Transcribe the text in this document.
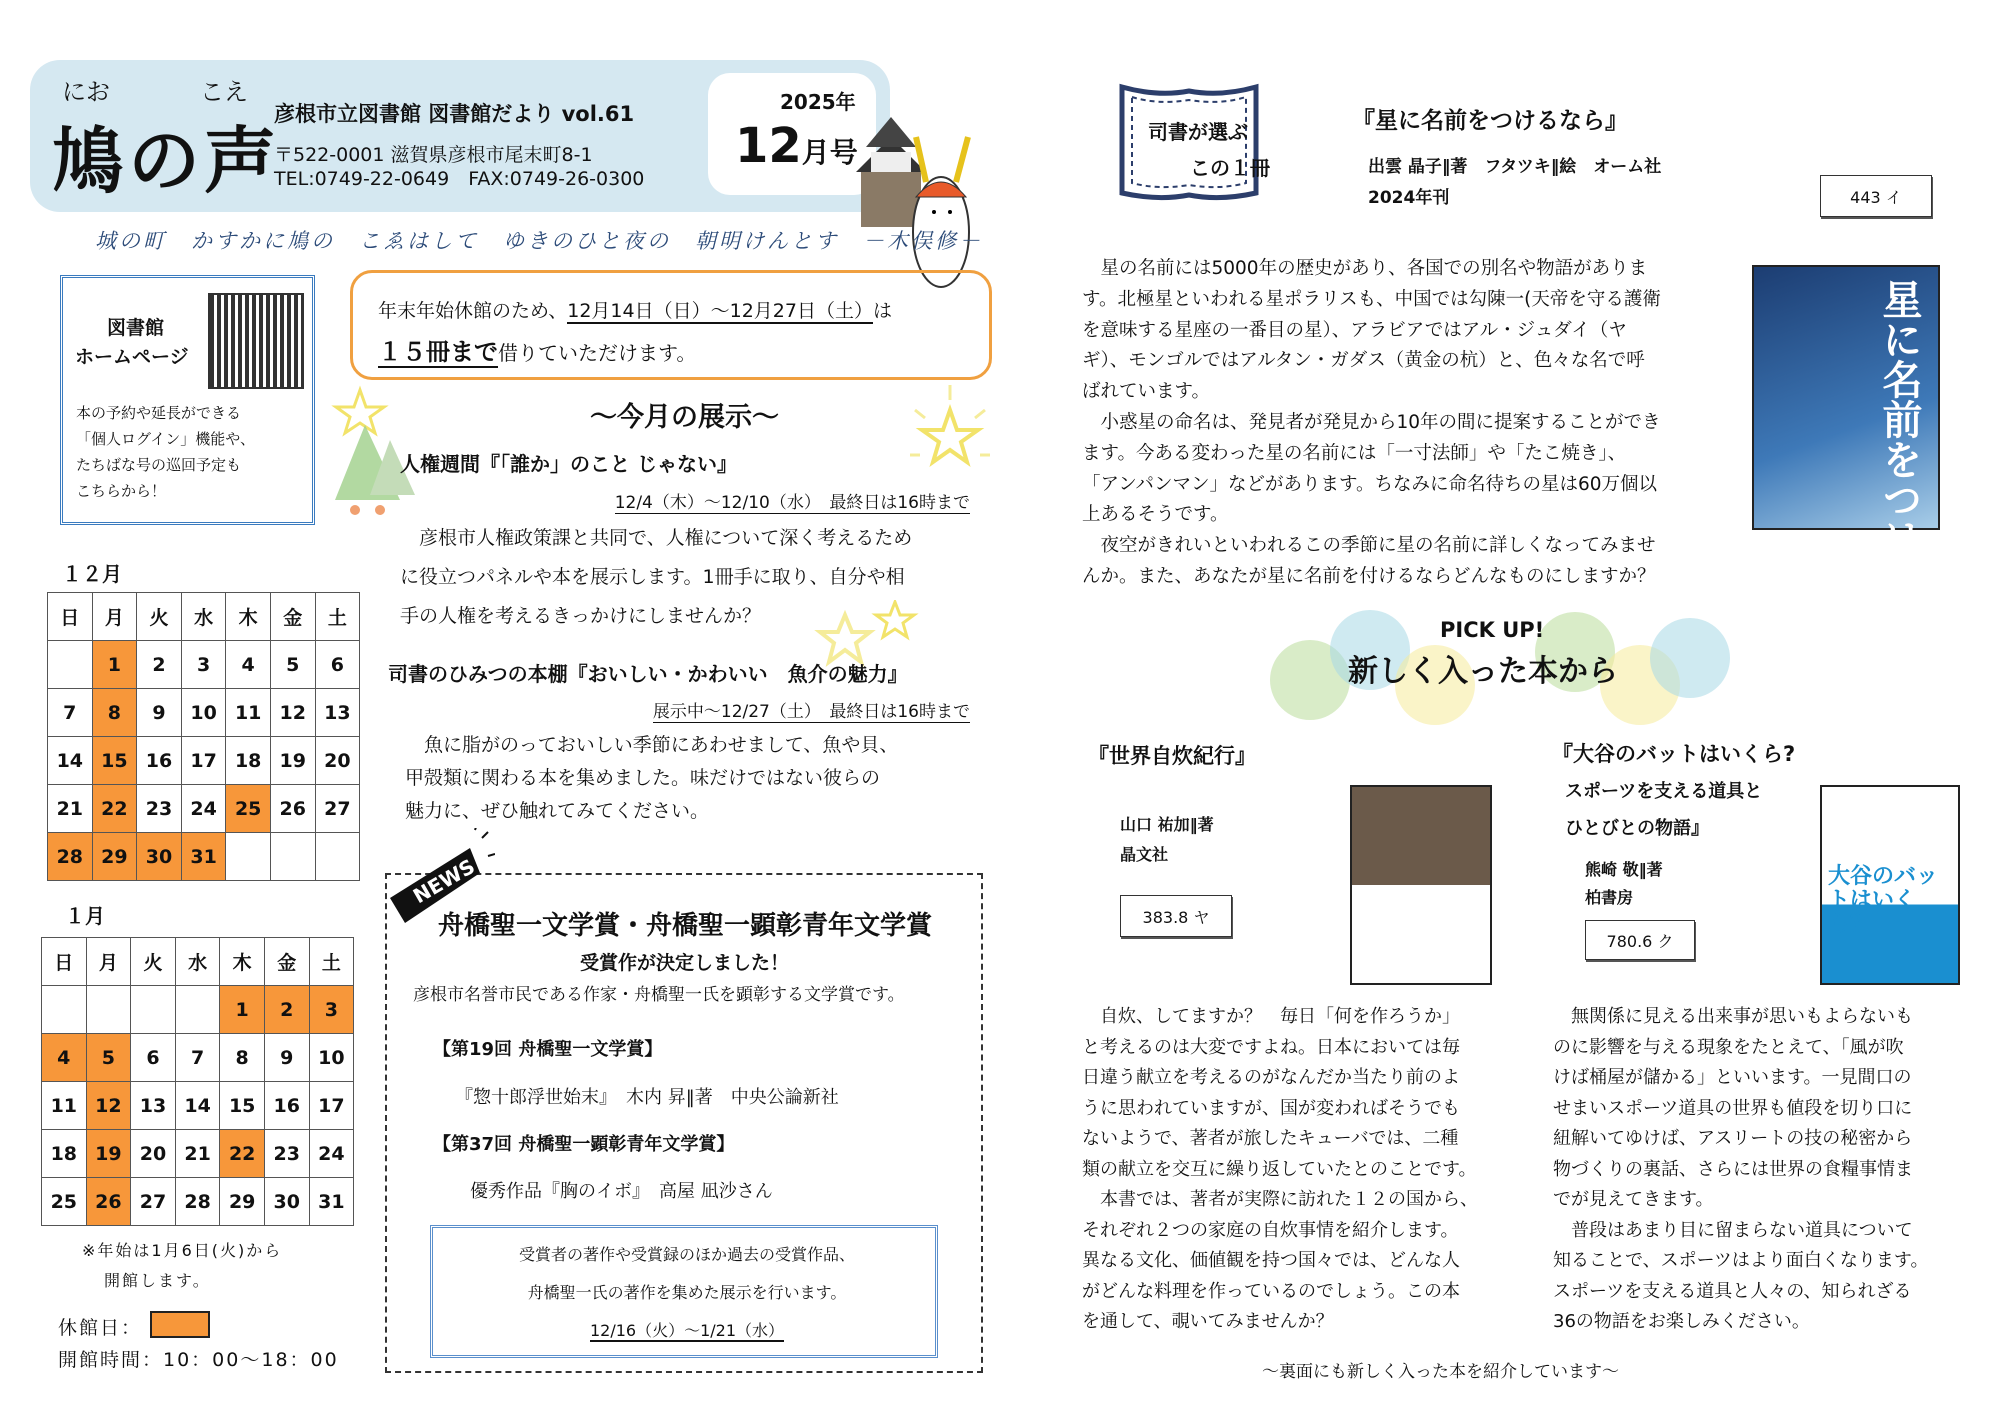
にお	こえ
鳩の声
彦根市立図書館 図書館だより vol.61
〒522-0001 滋賀県彦根市尾末町8-1
TEL:0749-22-0649　FAX:0749-26-0300
2025年
12月号
城の町　かすかに鳩の　こゑはして　ゆきのひと夜の　朝明けんとす　－木俣修－
図書館
ホームページ
本の予約や延長ができる
「個人ログイン」機能や、
たちばな号の巡回予定も
こちらから！
年末年始休館のため、12月14日（日）～12月27日（土）は
１５冊まで借りていただけます。
～今月の展示～
人権週間『「誰か」のこと じゃない』
12/4（木）～12/10（水）　最終日は16時まで
　彦根市人権政策課と共同で、人権について深く考えるため
に役立つパネルや本を展示します。1冊手に取り、自分や相
手の人権を考えるきっかけにしませんか？
司書のひみつの本棚『おいしい・かわいい　魚介の魅力』
展示中～12/27（土）　最終日は16時まで
　魚に脂がのっておいしい季節にあわせまして、魚や貝、
甲殻類に関わる本を集めました。味だけではない彼らの
魅力に、ぜひ触れてみてください。
１２月
日	月	火	水	木	金	土
	1	2	3	4	5	6
7	8	9	10	11	12	13
14	15	16	17	18	19	20
21	22	23	24	25	26	27
28	29	30	31			
１月
日	月	火	水	木	金	土
				1	2	3
4	5	6	7	8	9	10
11	12	13	14	15	16	17
18	19	20	21	22	23	24
25	26	27	28	29	30	31
※年始は1月6日(火)から
開館します。
休館日：
開館時間：10：00～18：00
NEWS
舟橋聖一文学賞・舟橋聖一顕彰青年文学賞
受賞作が決定しました！
彦根市名誉市民である作家・舟橋聖一氏を顕彰する文学賞です。
【第19回 舟橋聖一文学賞】
『惣十郎浮世始末』　木内 昇‖著　中央公論新社
【第37回 舟橋聖一顕彰青年文学賞】
優秀作品『胸のイボ』　高屋 凪沙さん
受賞者の著作や受賞録のほか過去の受賞作品、
舟橋聖一氏の著作を集めた展示を行います。
12/16（火）～1/21（水）
司書が選ぶ
この１冊
『星に名前をつけるなら』
出雲 晶子‖著　フタツキ‖絵　オーム社
2024年刊	443 イ
星に名前をつけるなら
　星の名前には5000年の歴史があり、各国での別名や物語がありま
す。北極星といわれる星ポラリスも、中国では勾陳一(天帝を守る護衛
を意味する星座の一番目の星）、アラビアではアル・ジュダイ（ヤ
ギ）、モンゴルではアルタン・ガダス（黄金の杭）と、色々な名で呼
ばれています。
　小惑星の命名は、発見者が発見から10年の間に提案することができ
ます。今ある変わった星の名前には「一寸法師」や「たこ焼き」、
「アンパンマン」などがあります。ちなみに命名待ちの星は60万個以
上あるそうです。
　夜空がきれいといわれるこの季節に星の名前に詳しくなってみませ
んか。また、あなたが星に名前を付けるならどんなものにしますか？
PICK UP!
新しく入った本から
『世界自炊紀行』
山口 祐加‖著
晶文社
383.8 ヤ
『大谷のバットはいくら?
スポーツを支える道具と
ひとびとの物語』
熊崎 敬‖著
柏書房
780.6 ク
大谷のバットはいくら？
　自炊、してますか？　毎日「何を作ろうか」
と考えるのは大変ですよね。日本においては毎
日違う献立を考えるのがなんだか当たり前のよ
うに思われていますが、国が変わればそうでも
ないようで、著者が旅したキューバでは、二種
類の献立を交互に繰り返していたとのことです。
　本書では、著者が実際に訪れた１２の国から、
それぞれ２つの家庭の自炊事情を紹介します。
異なる文化、価値観を持つ国々では、どんな人
がどんな料理を作っているのでしょう。この本
を通して、覗いてみませんか？
　無関係に見える出来事が思いもよらないも
のに影響を与える現象をたとえて、「風が吹
けば桶屋が儲かる」といいます。一見間口の
せまいスポーツ道具の世界も値段を切り口に
紐解いてゆけば、アスリートの技の秘密から
物づくりの裏話、さらには世界の食糧事情ま
でが見えてきます。
　普段はあまり目に留まらない道具について
知ることで、スポーツはより面白くなります。
スポーツを支える道具と人々の、知られざる
36の物語をお楽しみください。
～裏面にも新しく入った本を紹介しています～
